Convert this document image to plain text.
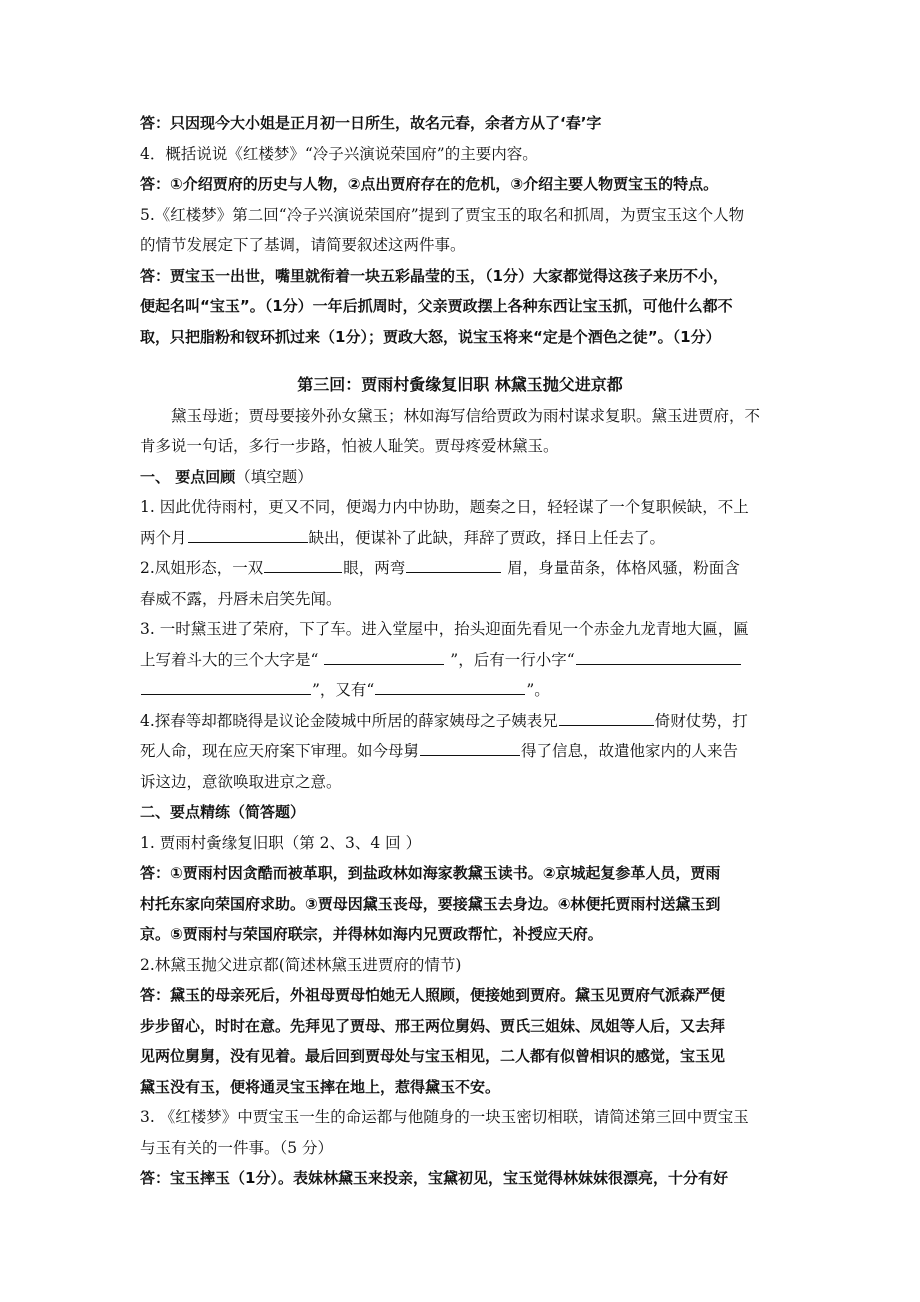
答：只因现今大小姐是正月初一日所生，故名元春，余者方从了‘春’字
4．概括说说《红楼梦》“冷子兴演说荣国府”的主要内容。
答：①介绍贾府的历史与人物，②点出贾府存在的危机，③介绍主要人物贾宝玉的特点。
5.《红楼梦》第二回“冷子兴演说荣国府”提到了贾宝玉的取名和抓周，为贾宝玉这个人物
的情节发展定下了基调，请简要叙述这两件事。
答：贾宝玉一出世，嘴里就衔着一块五彩晶莹的玉，（1分）大家都觉得这孩子来历不小，
便起名叫“宝玉”。（1分）一年后抓周时，父亲贾政摆上各种东西让宝玉抓，可他什么都不
取，只把脂粉和钗环抓过来（1分）；贾政大怒，说宝玉将来“定是个酒色之徒”。（1分）
第三回：贾雨村夤缘复旧职 林黛玉抛父进京都
黛玉母逝；贾母要接外孙女黛玉；林如海写信给贾政为雨村谋求复职。黛玉进贾府，不
肯多说一句话，多行一步路，怕被人耻笑。贾母疼爱林黛玉。
一、 要点回顾（填空题）
1. 因此优待雨村，更又不同，便竭力内中协助，题奏之日，轻轻谋了一个复职候缺，不上
两个月	缺出，便谋补了此缺，拜辞了贾政，择日上任去了。
2.凤姐形态，一双	眼，两弯	眉，身量苗条，体格风骚，粉面含
春威不露，丹唇未启笑先闻。
3. 一时黛玉进了荣府，下了车。进入堂屋中，抬头迎面先看见一个赤金九龙青地大匾，匾
上写着斗大的三个大字是“	”，后有一行小字“
”，又有“	”。
4.探春等却都晓得是议论金陵城中所居的薛家姨母之子姨表兄	倚财仗势，打
死人命，现在应天府案下审理。如今母舅	得了信息，故遣他家内的人来告
诉这边，意欲唤取进京之意。
二、要点精练（简答题）
1. 贾雨村夤缘复旧职（第 2、3、4 回 ）
答：①贾雨村因贪酷而被革职，到盐政林如海家教黛玉读书。②京城起复参革人员，贾雨
村托东家向荣国府求助。③贾母因黛玉丧母，要接黛玉去身边。④林便托贾雨村送黛玉到
京。⑤贾雨村与荣国府联宗，并得林如海内兄贾政帮忙，补授应天府。
2.林黛玉抛父进京都(简述林黛玉进贾府的情节)
答：黛玉的母亲死后，外祖母贾母怕她无人照顾，便接她到贾府。黛玉见贾府气派森严便
步步留心，时时在意。先拜见了贾母、邢王两位舅妈、贾氏三姐妹、凤姐等人后，又去拜
见两位舅舅，没有见着。最后回到贾母处与宝玉相见，二人都有似曾相识的感觉，宝玉见
黛玉没有玉，便将通灵宝玉摔在地上，惹得黛玉不安。
3. 《红楼梦》中贾宝玉一生的命运都与他随身的一块玉密切相联，请简述第三回中贾宝玉
与玉有关的一件事。（5 分）
答：宝玉摔玉（1分）。表妹林黛玉来投亲，宝黛初见，宝玉觉得林妹妹很漂亮，十分有好
